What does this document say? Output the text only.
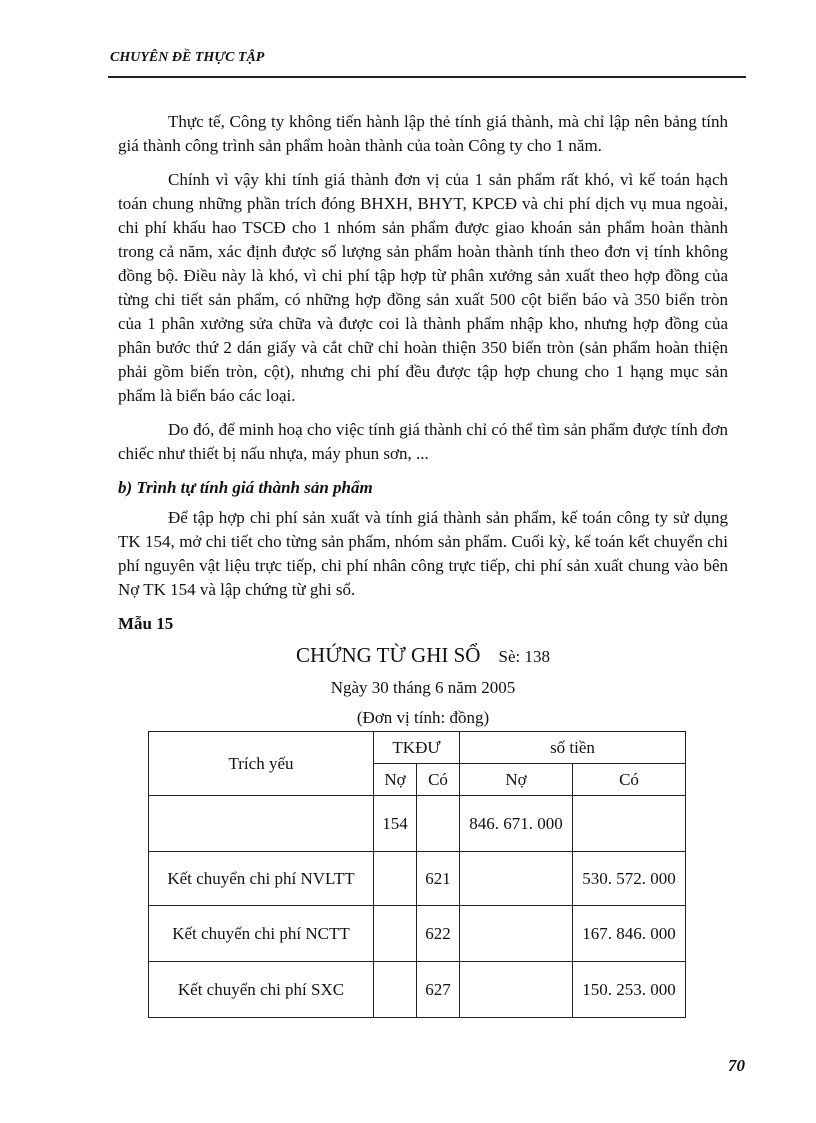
CHUYÊN ĐỀ THỰC TẬP

Thực tế, Công ty không tiến hành lập thẻ tính giá thành, mà chỉ lập nên bảng tính giá thành công trình sản phẩm hoàn thành của toàn Công ty cho 1 năm.

Chính vì vậy khi tính giá thành đơn vị của 1 sản phẩm rất khó, vì kế toán hạch toán chung những phần trích đóng BHXH, BHYT, KPCĐ và chi phí dịch vụ mua ngoài, chi phí khấu hao TSCĐ cho 1 nhóm sản phẩm được giao khoán sản phẩm hoàn thành trong cả năm, xác định được số lượng sản phẩm hoàn thành tính theo đơn vị tính không đồng bộ. Điều này là khó, vì chi phí tập hợp từ phân xưởng sản xuất theo hợp đồng của từng chi tiết sản phẩm, có những hợp đồng sản xuất 500 cột biển báo và 350 biển tròn của 1 phân xưởng sửa chữa và được coi là thành phẩm nhập kho, nhưng hợp đồng của phân bước thứ 2 dán giấy và cắt chữ chỉ hoàn thiện 350 biển tròn (sản phẩm hoàn thiện phải gồm biển tròn, cột), nhưng chi phí đều được tập hợp chung cho 1 hạng mục sản phẩm là biển báo các loại.

Do đó, để minh hoạ cho việc tính giá thành chỉ có thể tìm sản phẩm được tính đơn chiếc như thiết bị nấu nhựa, máy phun sơn, ...

b) Trình tự tính giá thành sản phẩm

Để tập hợp chi phí sản xuất và tính giá thành sản phẩm, kế toán công ty sử dụng TK 154, mở chi tiết cho từng sản phẩm, nhóm sản phẩm. Cuối kỳ, kế toán kết chuyển chi phí nguyên vật liệu trực tiếp, chi phí nhân công trực tiếp, chi phí sản xuất chung vào bên Nợ TK 154 và lập chứng từ ghi sổ.

Mẫu 15
CHỨNG TỪ GHI SỔ Sè: 138
Ngày 30 tháng 6 năm 2005
(Đơn vị tính: đồng)
Trích yếu	TKĐƯ		số tiền	
	Nợ	Có	Nợ	Có
	154		846. 671. 000	
Kết chuyển chi phí NVLTT		621		530. 572. 000
Kết chuyển chi phí NCTT		622		167. 846. 000
Kết chuyển chi phí SXC		627		150. 253. 000
70
